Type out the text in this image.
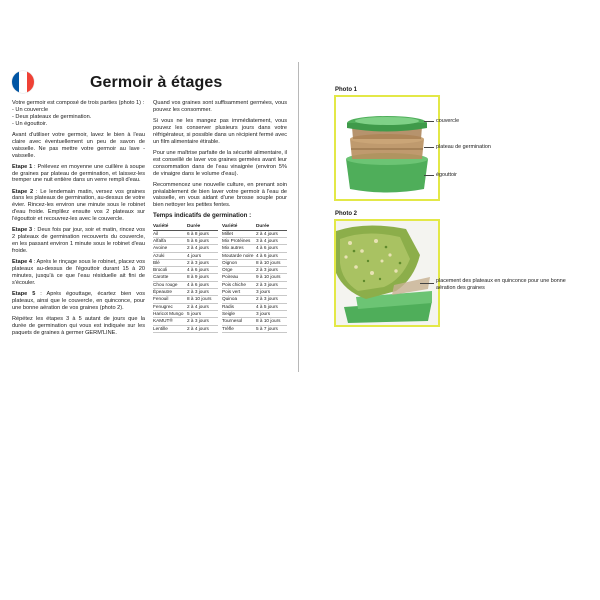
Germoir à étages

Votre germoir est composé de trois parties (photo 1) :
- Un couvercle
- Deux plateaux de germination.
- Un égouttoir.

Avant d'utiliser votre germoir, lavez le bien à l'eau claire avec éventuellement un peu de savon de vaisselle. Ne pas mettre votre germoir au lave -vaisselle.

Etape 1 : Prélevez en moyenne une cuillère à soupe de graines par plateau de germination, et laissez-les tremper une nuit entière dans un verre rempli d'eau.

Etape 2 : Le lendemain matin, versez vos graines dans les plateaux de germination, au-dessus de votre évier. Rincez-les environ une minute sous le robinet d'eau froide. Emplilez ensuite vos 2 plateaux sur l'égouttoir et recouvrez-les avec le couvercle.

Etape 3 : Deux fois par jour, soir et matin, rincez vos 2 plateaux de germination recouverts du couvercle, en les passant environ 1 minute sous le robinet d'eau froide.

Etape 4 : Après le rinçage sous le robinet, placez vos plateaux au-dessus de l'égouttoir durant 15 à 20 minutes, jusqu'à ce que l'eau résiduelle ait fini de s'écouler.

Etape 5 : Après égouttage, écartez bien vos plateaux, ainsi que le couvercle, en quinconce, pour une bonne aération de vos graines (photo 2).

Répétez les étapes 3 à 5 autant de jours que la durée de germination qui vous est indiquée sur les paquets de graines à germer GERM'LINE.

Quand vos graines sont suffisamment germées, vous pouvez les consommer.

Si vous ne les mangez pas immédiatement, vous pouvez les conserver plusieurs jours dans votre réfrigérateur, si possible dans un récipient fermé avec un film alimentaire étirable.

Pour une maîtrise parfaite de la sécurité alimentaire, il est conseillé de laver vos graines germées avant leur consommation dans de l'eau vinaigrée (environ 5% de vinaigre dans le volume d'eau).

Recommencez une nouvelle culture, en prenant soin préalablement de bien laver votre germoir à l'eau de vaisselle, en vous aidant d'une brosse souple pour bien nettoyer les petites fentes.

Temps indicatifs de germination :
Variété	Durée
Ail	6 à 8 jours
Alfalfa	5 à 6 jours
Avoine	2 à 4 jours
Azuki	4 jours
Blé	2 à 3 jours
Brocoli	4 à 6 jours
Carotte	8 à 9 jours
Chou rouge	4 à 6 jours
Épeautre	2 à 3 jours
Fenouil	8 à 10 jours
Fenugrec	2 à 4 jours
Haricot Mungo	5 jours
KAMUT®	2 à 3 jours
Lentille	2 à 4 jours
Variété	Durée
Millet	2 à 4 jours
Mix Protéines	3 à 4 jours
Mix autres	4 à 6 jours
Moutarde noire	4 à 6 jours
Oignon	8 à 10 jours
Orge	2 à 3 jours
Poireau	9 à 10 jours
Pois chiche	2 à 3 jours
Pois vert	3 jours
Quinoa	2 à 3 jours
Radis	4 à 5 jours
Seigle	3 jours
Tournesol	8 à 10 jours
Trèfle	5 à 7 jours
Photo 1
couvercle
plateau de germination
égouttoir
Photo 2
placement des plateaux en quinconce pour une bonne aération des graines
